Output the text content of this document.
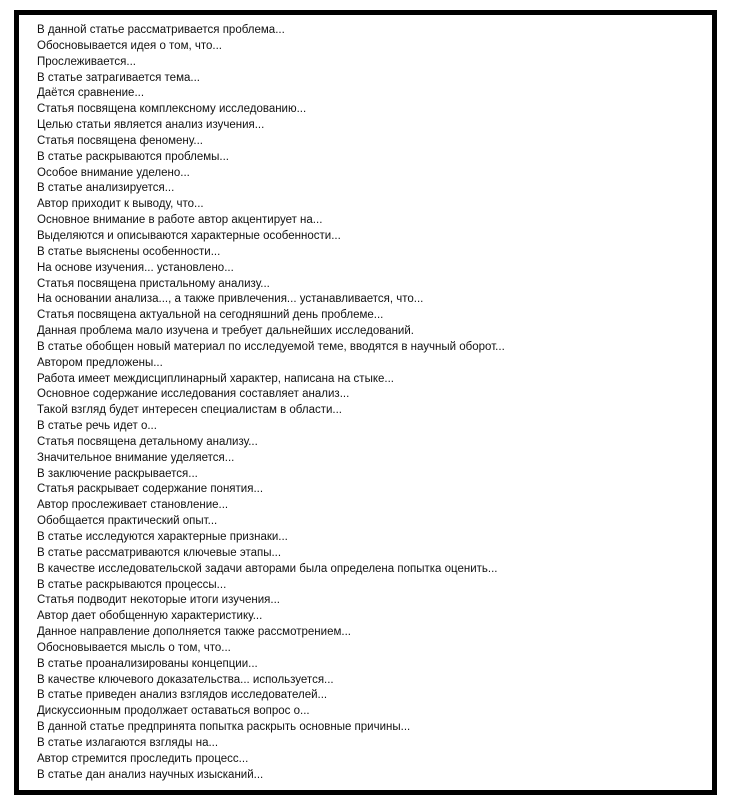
В данной статье рассматривается проблема...
Обосновывается идея о том, что...
Прослеживается...
В статье затрагивается тема...
Даётся сравнение...
Статья посвящена комплексному исследованию...
Целью статьи является анализ изучения...
Статья посвящена феномену...
В статье раскрываются проблемы...
Особое внимание уделено...
В статье анализируется...
Автор приходит к выводу, что...
Основное внимание в работе автор акцентирует на...
Выделяются и описываются характерные особенности...
В статье выяснены особенности...
На основе изучения... установлено...
Статья посвящена пристальному анализу...
На основании анализа..., а также привлечения... устанавливается, что...
Статья посвящена актуальной на сегодняшний день проблеме...
Данная проблема мало изучена и требует дальнейших исследований.
В статье обобщен новый материал по исследуемой теме, вводятся в научный оборот...
Автором предложены...
Работа имеет междисциплинарный характер, написана на стыке...
Основное содержание исследования составляет анализ...
Такой взгляд будет интересен специалистам в области...
В статье речь идет о...
Статья посвящена детальному анализу...
Значительное внимание уделяется...
В заключение раскрывается...
Статья раскрывает содержание понятия...
Автор прослеживает становление...
Обобщается практический опыт...
В статье исследуются характерные признаки...
В статье рассматриваются ключевые этапы...
В качестве исследовательской задачи авторами была определена попытка оценить...
В статье раскрываются процессы...
Статья подводит некоторые итоги изучения...
Автор дает обобщенную характеристику...
Данное направление дополняется также рассмотрением...
Обосновывается мысль о том, что...
В статье проанализированы концепции...
В качестве ключевого доказательства... используется...
В статье приведен анализ взглядов исследователей...
Дискуссионным продолжает оставаться вопрос о...
В данной статье предпринята попытка раскрыть основные причины...
В статье излагаются взгляды на...
Автор стремится проследить процесс...
В статье дан анализ научных изысканий...
